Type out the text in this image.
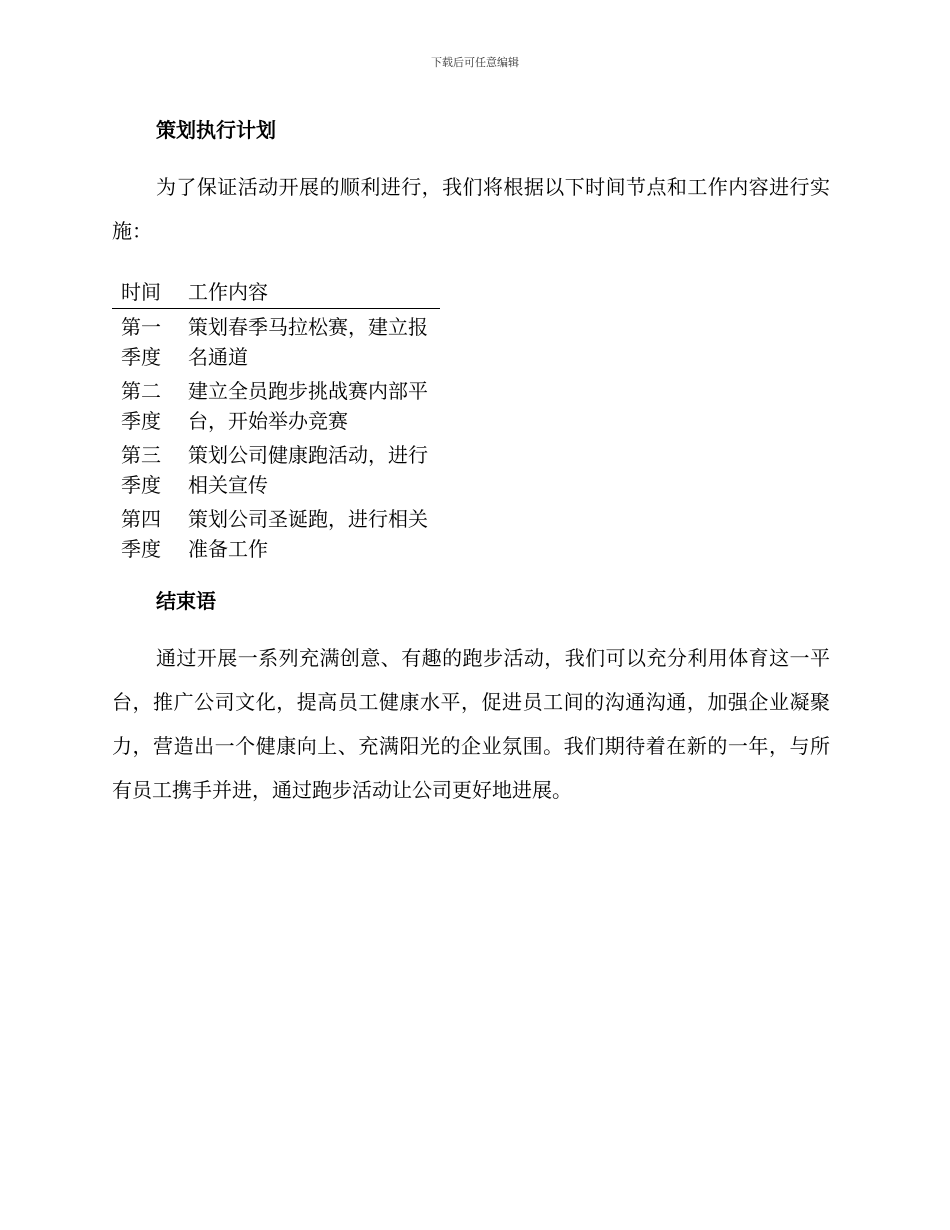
下载后可任意编辑
策划执行计划

为了保证活动开展的顺利进行，我们将根据以下时间节点和工作内容进行实施：

时间	工作内容
第一季度	策划春季马拉松赛，建立报名通道
第二季度	建立全员跑步挑战赛内部平台，开始举办竞赛
第三季度	策划公司健康跑活动，进行相关宣传
第四季度	策划公司圣诞跑，进行相关准备工作
结束语

通过开展一系列充满创意、有趣的跑步活动，我们可以充分利用体育这一平台，推广公司文化，提高员工健康水平，促进员工间的沟通沟通，加强企业凝聚力，营造出一个健康向上、充满阳光的企业氛围。我们期待着在新的一年，与所有员工携手并进，通过跑步活动让公司更好地进展。
